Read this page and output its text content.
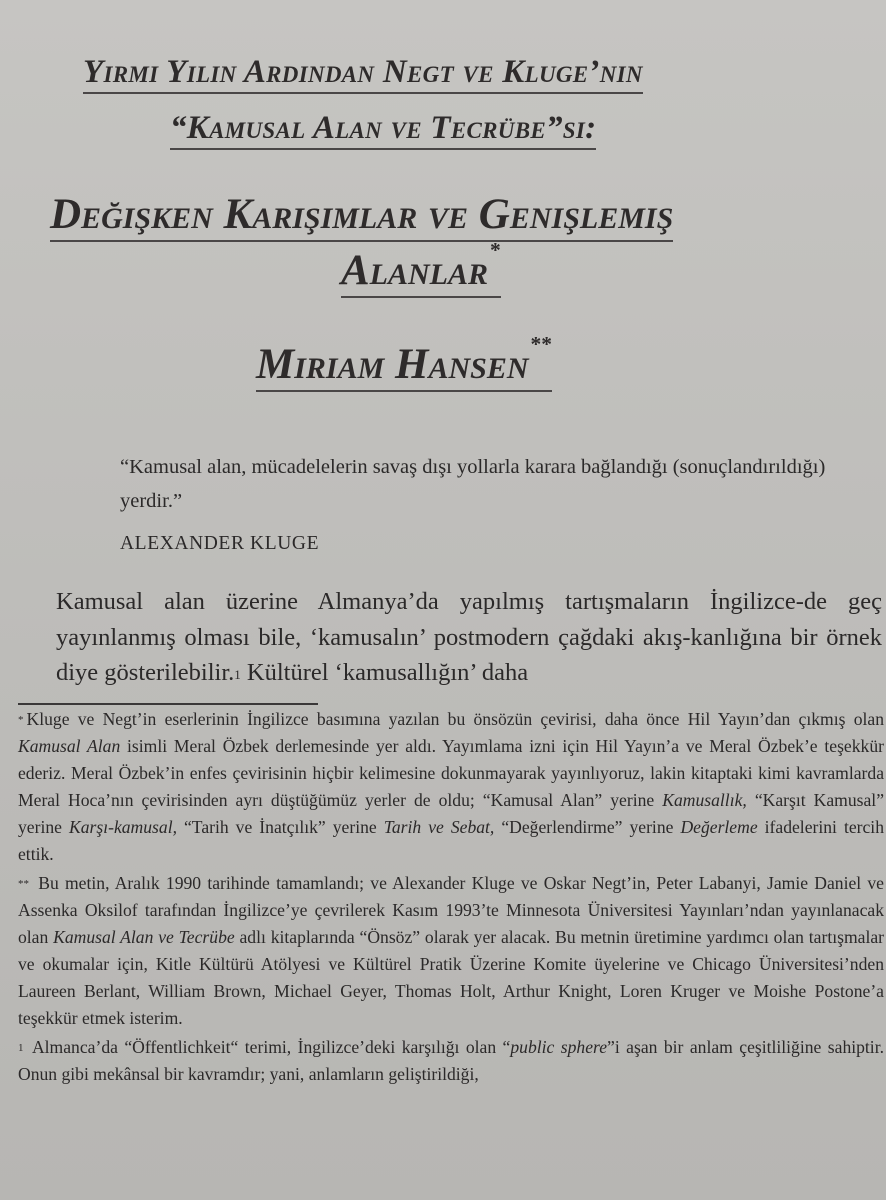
Yirmi Yılın Ardından Negt ve Kluge’nin
“Kamusal Alan ve Tecrübe”si:
Değişken Karışımlar ve Genişlemiş
Alanlar*
Miriam Hansen**

“Kamusal alan, mücadelelerin savaş dışı yollarla karara bağlandığı (sonuçlandırıldığı) yerdir.”

ALEXANDER KLUGE

Kamusal alan üzerine Almanya’da yapılmış tartışmaların İngilizce-de geç yayınlanmış olması bile, ‘kamusalın’ postmodern çağdaki akış-kanlığına bir örnek diye gösterilebilir.$^1$ Kültürel ‘kamusallığın’ daha

* Kluge ve Negt’in eserlerinin İngilizce basımına yazılan bu önsözün çevirisi, daha önce Hil Yayın’dan çıkmış olan Kamusal Alan isimli Meral Özbek derlemesinde yer aldı. Yayımlama izni için Hil Yayın’a ve Meral Özbek’e teşekkür ederiz. Meral Özbek’in enfes çevirisinin hiçbir kelimesine dokunmayarak yayınlıyoruz, lakin kitaptaki kimi kavramlarda Meral Hoca’nın çevirisinden ayrı düştüğümüz yerler de oldu; “Kamusal Alan” yerine Kamusallık, “Karşıt Kamusal” yerine Karşı-kamusal, “Tarih ve İnatçılık” yerine Tarih ve Sebat, “Değerlendirme” yerine Değerleme ifadelerini tercih ettik.

** Bu metin, Aralık 1990 tarihinde tamamlandı; ve Alexander Kluge ve Oskar Negt’in, Peter Labanyi, Jamie Daniel ve Assenka Oksilof tarafından İngilizce’ye çevrilerek Kasım 1993’te Minnesota Üniversitesi Yayınları’ndan yayınlanacak olan Kamusal Alan ve Tecrübe adlı kitaplarında “Önsöz” olarak yer alacak. Bu metnin üretimine yardımcı olan tartışmalar ve okumalar için, Kitle Kültürü Atölyesi ve Kültürel Pratik Üzerine Komite üyelerine ve Chicago Üniversitesi’nden Laureen Berlant, William Brown, Michael Geyer, Thomas Holt, Arthur Knight, Loren Kruger ve Moishe Postone’a teşekkür etmek isterim.

$^1$ Almanca’da “Öffentlichkeit“ terimi, İngilizce’deki karşılığı olan “public sphere”i aşan bir anlam çeşitliliğine sahiptir. Onun gibi mekânsal bir kavramdır; yani, anlamların geliştirildiği,
